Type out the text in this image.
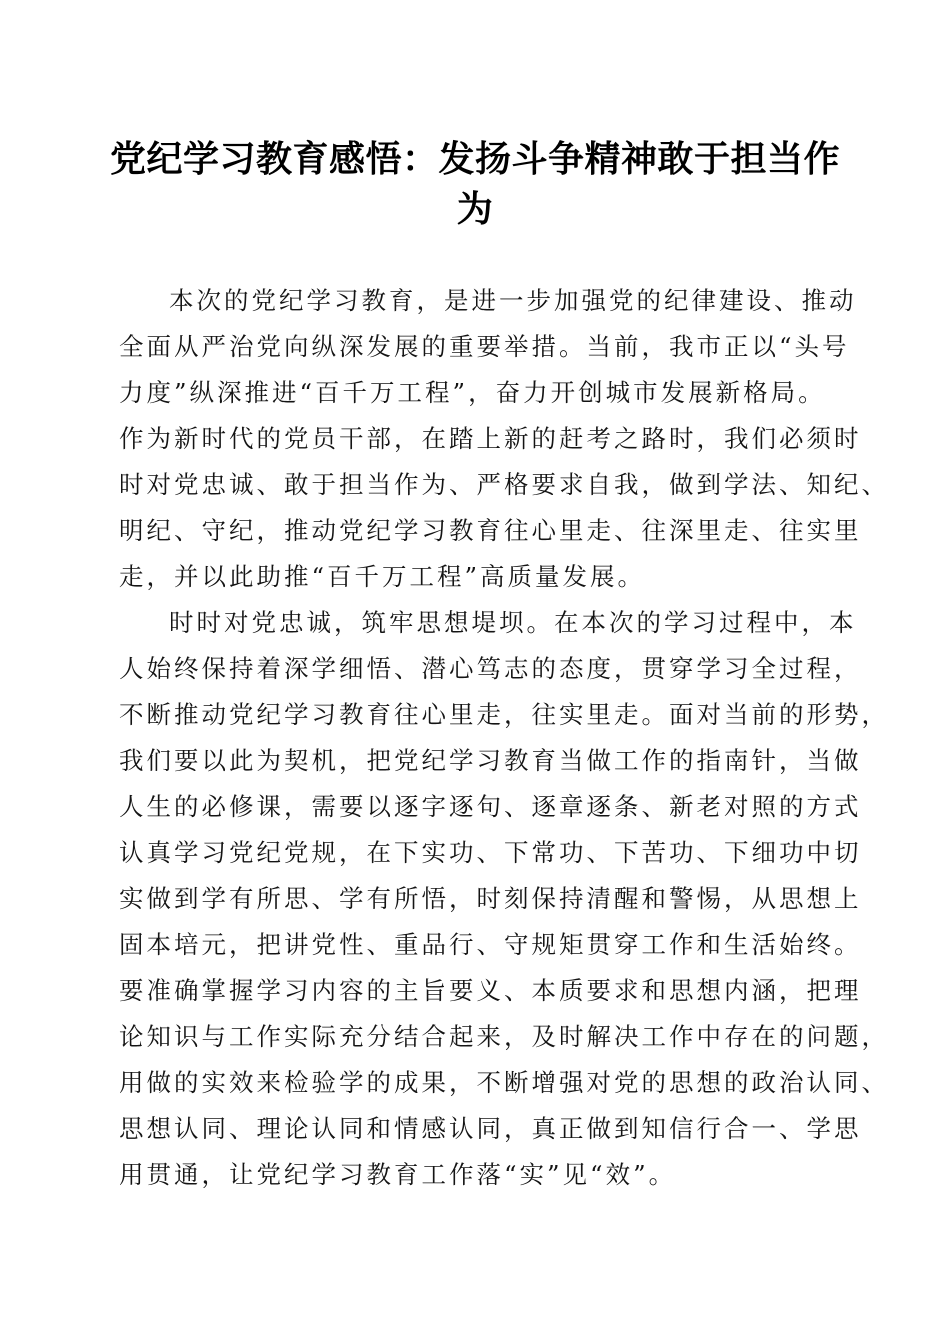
党纪学习教育感悟：发扬斗争精神敢于担当作
为

本次的党纪学习教育，是进一步加强党的纪律建设、推动
全面从严治党向纵深发展的重要举措。当前，我市正以“头号
力度”纵深推进“百千万工程”，奋力开创城市发展新格局。
作为新时代的党员干部，在踏上新的赶考之路时，我们必须时
时对党忠诚、敢于担当作为、严格要求自我，做到学法、知纪、
明纪、守纪，推动党纪学习教育往心里走、往深里走、往实里
走，并以此助推“百千万工程”高质量发展。

时时对党忠诚，筑牢思想堤坝。在本次的学习过程中，本
人始终保持着深学细悟、潜心笃志的态度，贯穿学习全过程，
不断推动党纪学习教育往心里走，往实里走。面对当前的形势，
我们要以此为契机，把党纪学习教育当做工作的指南针，当做
人生的必修课，需要以逐字逐句、逐章逐条、新老对照的方式
认真学习党纪党规，在下实功、下常功、下苦功、下细功中切
实做到学有所思、学有所悟，时刻保持清醒和警惕，从思想上
固本培元，把讲党性、重品行、守规矩贯穿工作和生活始终。
要准确掌握学习内容的主旨要义、本质要求和思想内涵，把理
论知识与工作实际充分结合起来，及时解决工作中存在的问题，
用做的实效来检验学的成果，不断增强对党的思想的政治认同、
思想认同、理论认同和情感认同，真正做到知信行合一、学思
用贯通，让党纪学习教育工作落“实”见“效”。
